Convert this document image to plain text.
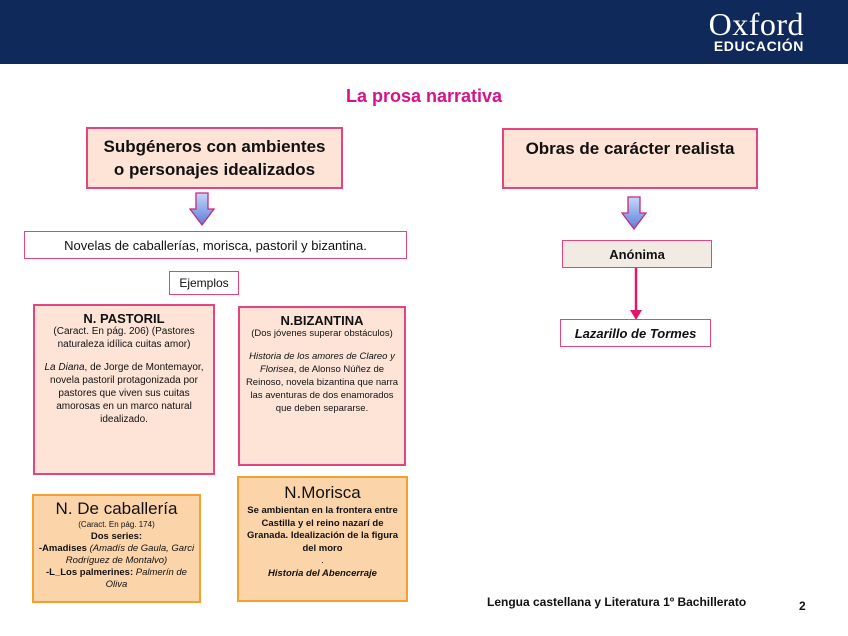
Oxford
EDUCACIÓN
La prosa narrativa
Subgéneros con ambientes
o personajes idealizados
Novelas de caballerías, morisca, pastoril y bizantina.
Ejemplos
N. PASTORIL
(Caract. En pág. 206) (Pastores naturaleza idílica cuitas amor)
La Diana, de Jorge de Montemayor, novela pastoril protagonizada por pastores que viven sus cuitas amorosas en un marco natural idealizado.
N.BIZANTINA
(Dos jóvenes superar obstáculos)
Historia de los amores de Clareo y Florisea, de Alonso Núñez de Reinoso, novela bizantina que narra las aventuras de dos enamorados que deben separarse.
N. De caballería
(Caract. En pág. 174)
Dos series:
-Amadises (Amadís de Gaula, Garci Rodríguez de Montalvo)
-L_Los palmerines: Palmerín de Oliva
N.Morisca
Se ambientan en la frontera entre Castilla y el reino nazarí de Granada. Idealización de la figura del moro
.
Historia del Abencerraje
Obras de carácter realista
Anónima
Lazarillo de Tormes
Lengua castellana y Literatura 1º Bachillerato	2
